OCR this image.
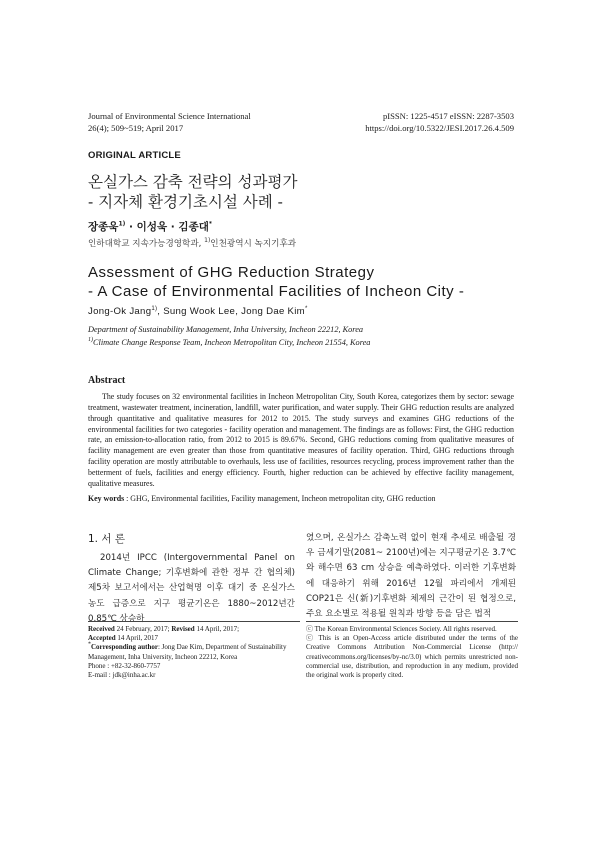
Journal of Environmental Science International
26(4); 509~519; April 2017
pISSN: 1225-4517 eISSN: 2287-3503
https://doi.org/10.5322/JESI.2017.26.4.509
ORIGINAL ARTICLE
온실가스 감축 전략의 성과평가
- 지자체 환경기초시설 사례 -
장종욱$^{1)}$ · 이성욱 · 김종대*
인하대학교 지속가능경영학과, $^{1)}$인천광역시 녹지기후과
Assessment of GHG Reduction Strategy
- A Case of Environmental Facilities of Incheon City -
Jong-Ok Jang$^{1)}$, Sung Wook Lee, Jong Dae Kim*
Department of Sustainability Management, Inha University, Incheon 22212, Korea
$^{1)}$Climate Change Response Team, Incheon Metropolitan City, Incheon 21554, Korea
Abstract
The study focuses on 32 environmental facilities in Incheon Metropolitan City, South Korea, categorizes them by sector: sewage treatment, wastewater treatment, incineration, landfill, water purification, and water supply. Their GHG reduction results are analyzed through quantitative and qualitative measures for 2012 to 2015. The study surveys and examines GHG reductions of the environmental facilities for two categories - facility operation and management. The findings are as follows: First, the GHG reduction rate, an emission-to-allocation ratio, from 2012 to 2015 is 89.67%. Second, GHG reductions coming from qualitative measures of facility management are even greater than those from quantitative measures of facility operation. Third, GHG reductions through facility operation are mostly attributable to overhauls, less use of facilities, resources recycling, process improvement rather than the betterment of fuels, facilities and energy efficiency. Fourth, higher reduction can be achieved by effective facility management, qualitative measures.
Key words : GHG, Environmental facilities, Facility management, Incheon metropolitan city, GHG reduction
1. 서 론
2014년 IPCC (Intergovernmental Panel on Climate Change; 기후변화에 관한 정부 간 협의체) 제5차 보고서에서는 산업혁명 이후 대기 중 온실가스 농도 급증으로 지구 평균기온은 1880~2012년간 0.85℃ 상승하
였으며, 온실가스 감축노력 없이 현재 추세로 배출될 경우 금세기말(2081~ 2100년)에는 지구평균기온 3.7℃와 해수면 63 cm 상승을 예측하였다. 이러한 기후변화에 대응하기 위해 2016년 12월 파리에서 개제된 COP21은 신(新)기후변화 체제의 근간이 된 협정으로, 주요 요소별로 적용될 원칙과 방향 등을 담은 법적
Received 24 February, 2017; Revised 14 April, 2017;
Accepted 14 April, 2017
*Corresponding author: Jong Dae Kim, Department of Sustainability Management, Inha University, Incheon 22212, Korea
Phone : +82-32-860-7757
E-mail : jdk@inha.ac.kr
ⓒ The Korean Environmental Sciences Society. All rights reserved.
ⓒ This is an Open-Access article distributed under the terms of the Creative Commons Attribution Non-Commercial License (http:// creativecommons.org/licenses/by-nc/3.0) which permits unrestricted non-commercial use, distribution, and reproduction in any medium, provided the original work is properly cited.
